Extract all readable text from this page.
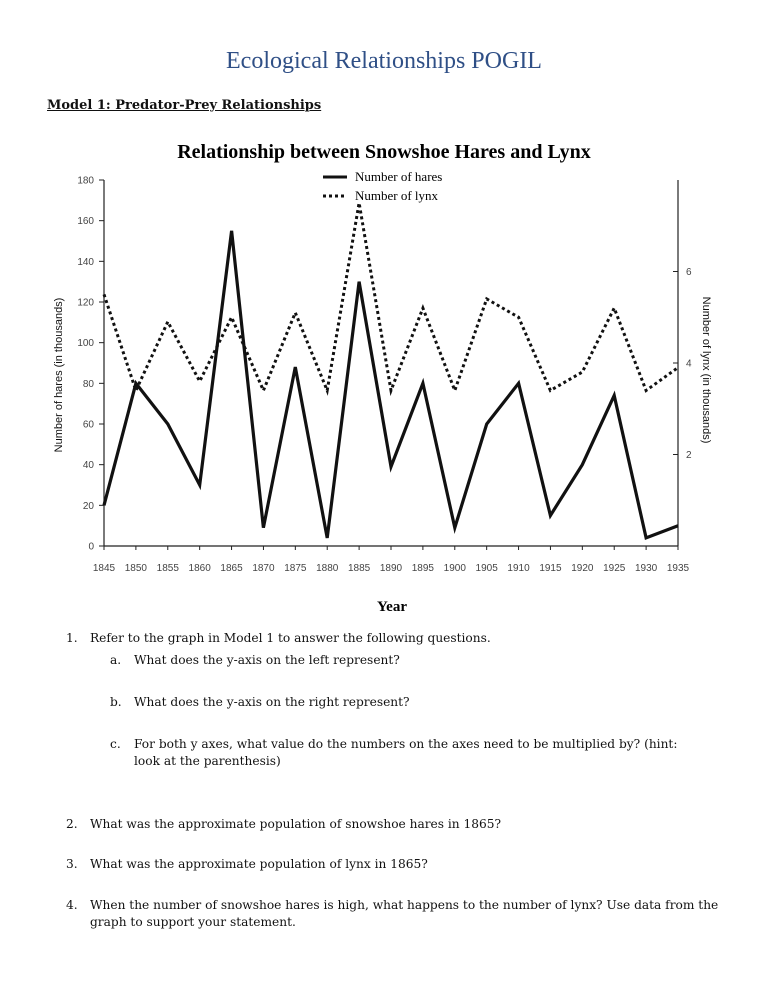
Ecological Relationships POGIL
Model 1: Predator-Prey Relationships
Relationship between Snowshoe Hares and Lynx
0
20
40
60
80
100
120
140
160
180
2
4
6
1845 1850 1855 1860 1865 1870 1875 1880 1885 1890 1895 1900 1905 1910 1915 1920 1925 1930 1935
Number of hares (in thousands)	Number of lynx (in thousands)
Year
Number of hares
Number of lynx
1. Refer to the graph in Model 1 to answer the following questions.
a. What does the y-axis on the left represent?
b. What does the y-axis on the right represent?
c. For both y axes, what value do the numbers on the axes need to be multiplied by? (hint: look at the parenthesis)
2. What was the approximate population of snowshoe hares in 1865?
3. What was the approximate population of lynx in 1865?
4. When the number of snowshoe hares is high, what happens to the number of lynx? Use data from the graph to support your statement.
